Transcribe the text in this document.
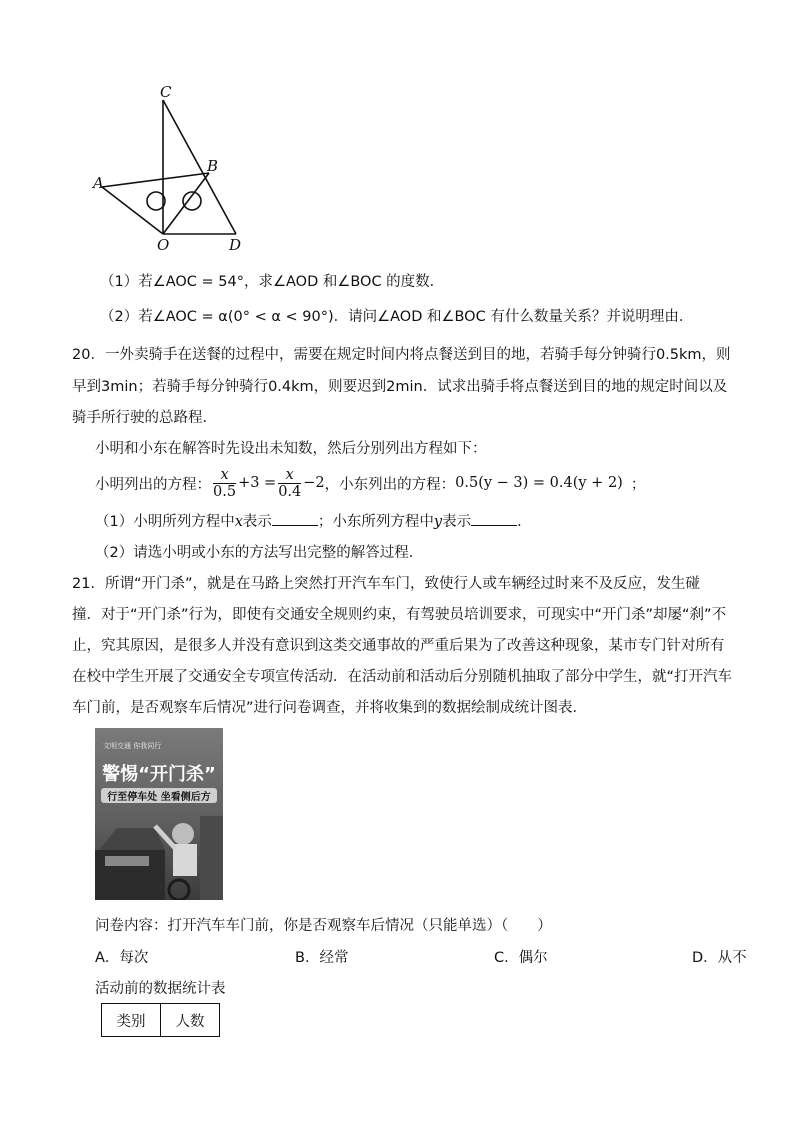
C
B
A
O	D
（1）若∠AOC = 54°，求∠AOD 和∠BOC 的度数．
（2）若∠AOC = α(0° < α < 90°)．请问∠AOD 和∠BOC 有什么数量关系？并说明理由．
20．一外卖骑手在送餐的过程中，需要在规定时间内将点餐送到目的地，若骑手每分钟骑行0.5km，则
早到3min；若骑手每分钟骑行0.4km，则要迟到2min．试求出骑手将点餐送到目的地的规定时间以及
骑手所行驶的总路程．
小明和小东在解答时先设出未知数，然后分别列出方程如下：
小明列出的方程： $\frac{x}{0.5} +3 = \frac{x}{0.4} -2$ ，小东列出的方程： 0.5(y − 3) = 0.4(y + 2) ；
（1）小明所列方程中x表示	；小东所列方程中y表示	．
（2）请选小明或小东的方法写出完整的解答过程．
21．所谓“开门杀”，就是在马路上突然打开汽车车门，致使行人或车辆经过时来不及反应，发生碰
撞．对于“开门杀”行为，即使有交通安全规则约束，有驾驶员培训要求，可现实中“开门杀”却屡“刹”不
止，究其原因，是很多人并没有意识到这类交通事故的严重后果为了改善这种现象，某市专门针对所有
在校中学生开展了交通安全专项宣传活动．在活动前和活动后分别随机抽取了部分中学生，就“打开汽车
车门前，是否观察车后情况”进行问卷调查，并将收集到的数据绘制成统计图表．
文明交通 你我同行
警惕“开门杀”
行至停车处 坐看侧后方
问卷内容：打开汽车车门前，你是否观察车后情况（只能单选）（　　）
A．每次	B．经常	C．偶尔	D．从不
活动前的数据统计表
类别	人数
